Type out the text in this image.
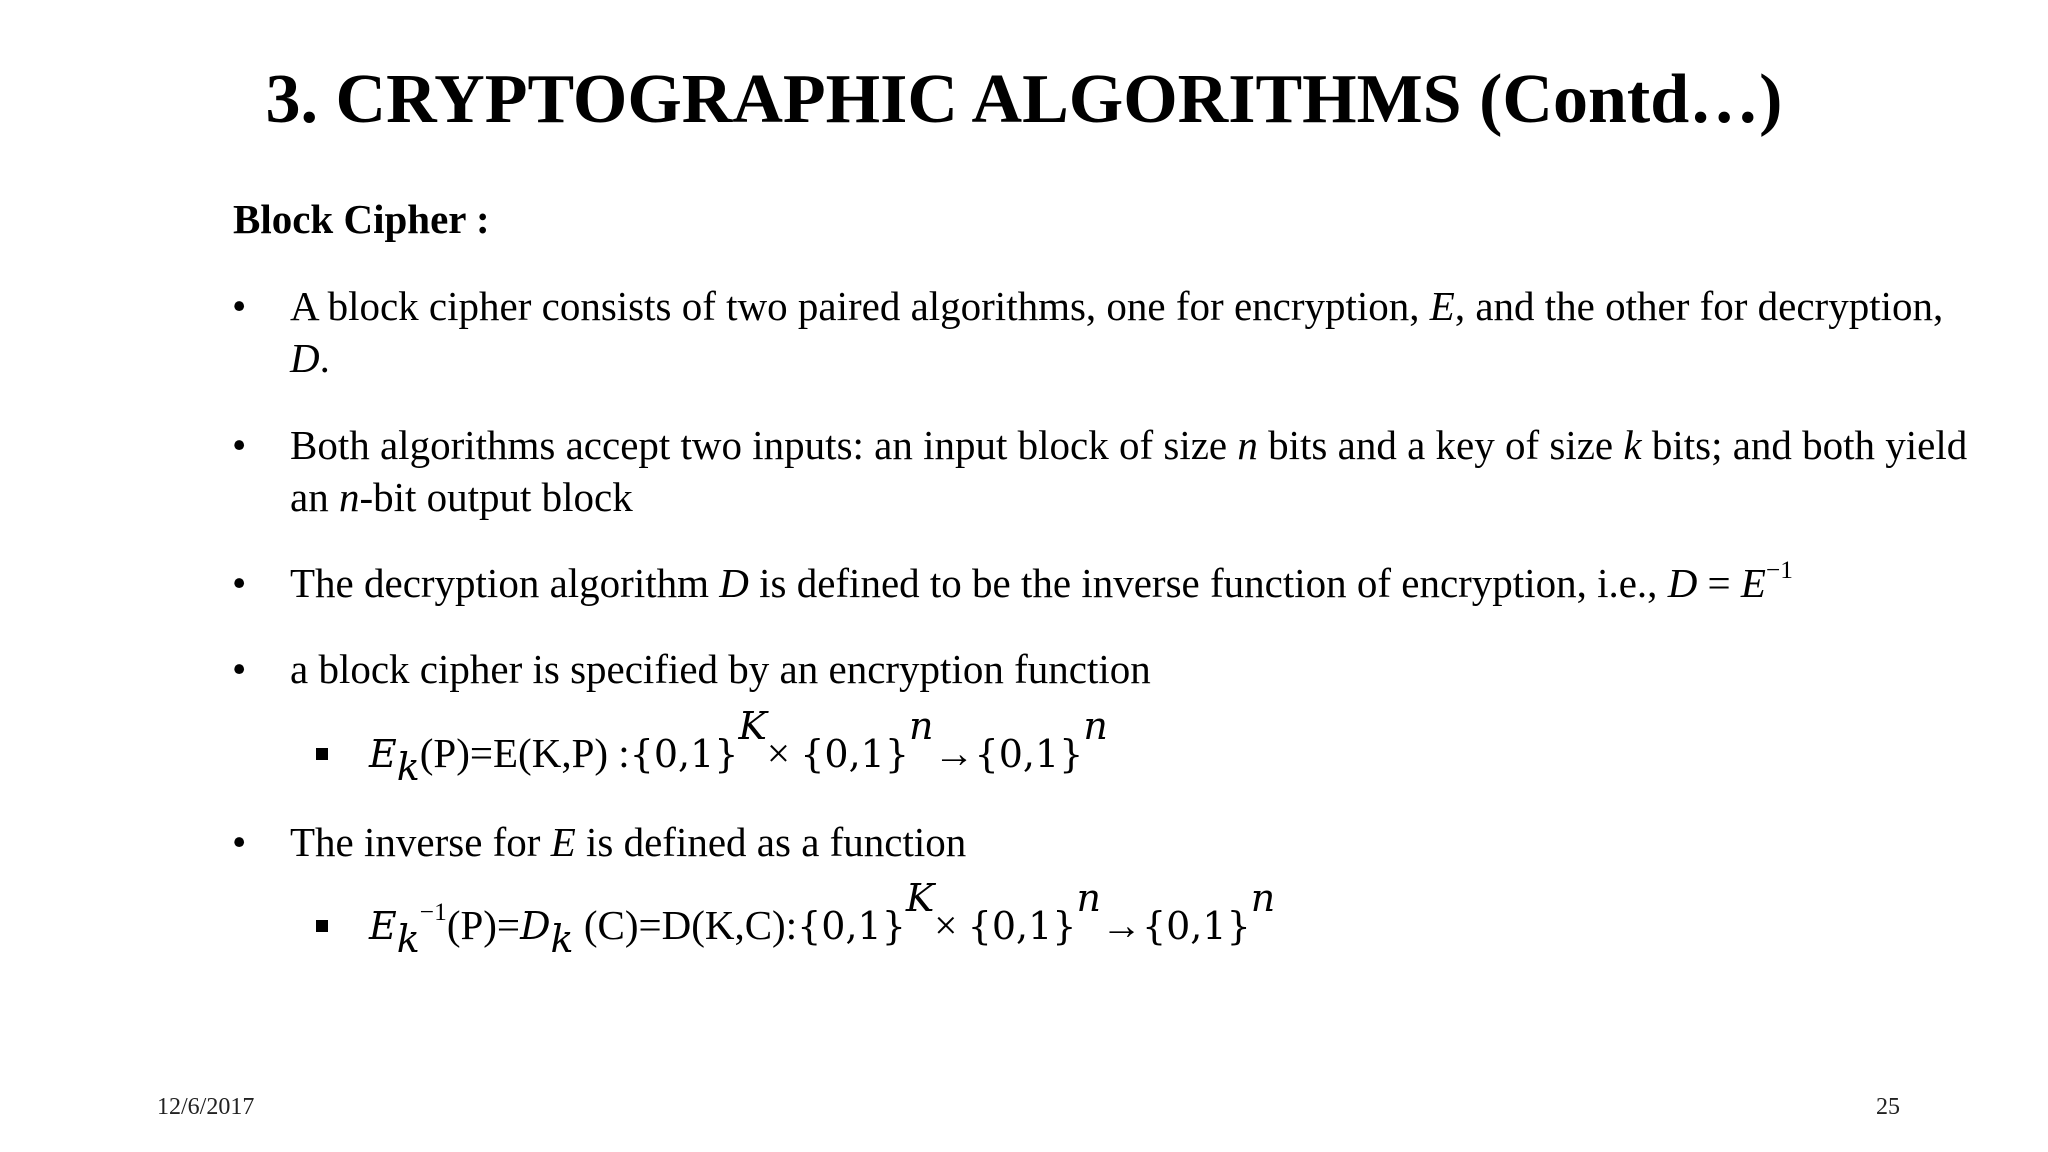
3. CRYPTOGRAPHIC ALGORITHMS (Contd…)
Block Cipher :
• A block cipher consists of two paired algorithms, one for encryption, E, and the other for decryption, D.
• Both algorithms accept two inputs: an input block of size n bits and a key of size k bits; and both yield an n-bit output block
• The decryption algorithm D is defined to be the inverse function of encryption, i.e., $D = E^{-1}$
• a block cipher is specified by an encryption function
$E_k(P)=E(K,P)$ $:\{0,1\}^K\times \{0,1\}^n\to\{0,1\}^n$
• The inverse for E is defined as a function
$E_k^{-1}(P)=D_k$ $(C)=D(K,C):\{0,1\}^K\times \{0,1\}^n\to\{0,1\}^n$
12/6/2017	25
